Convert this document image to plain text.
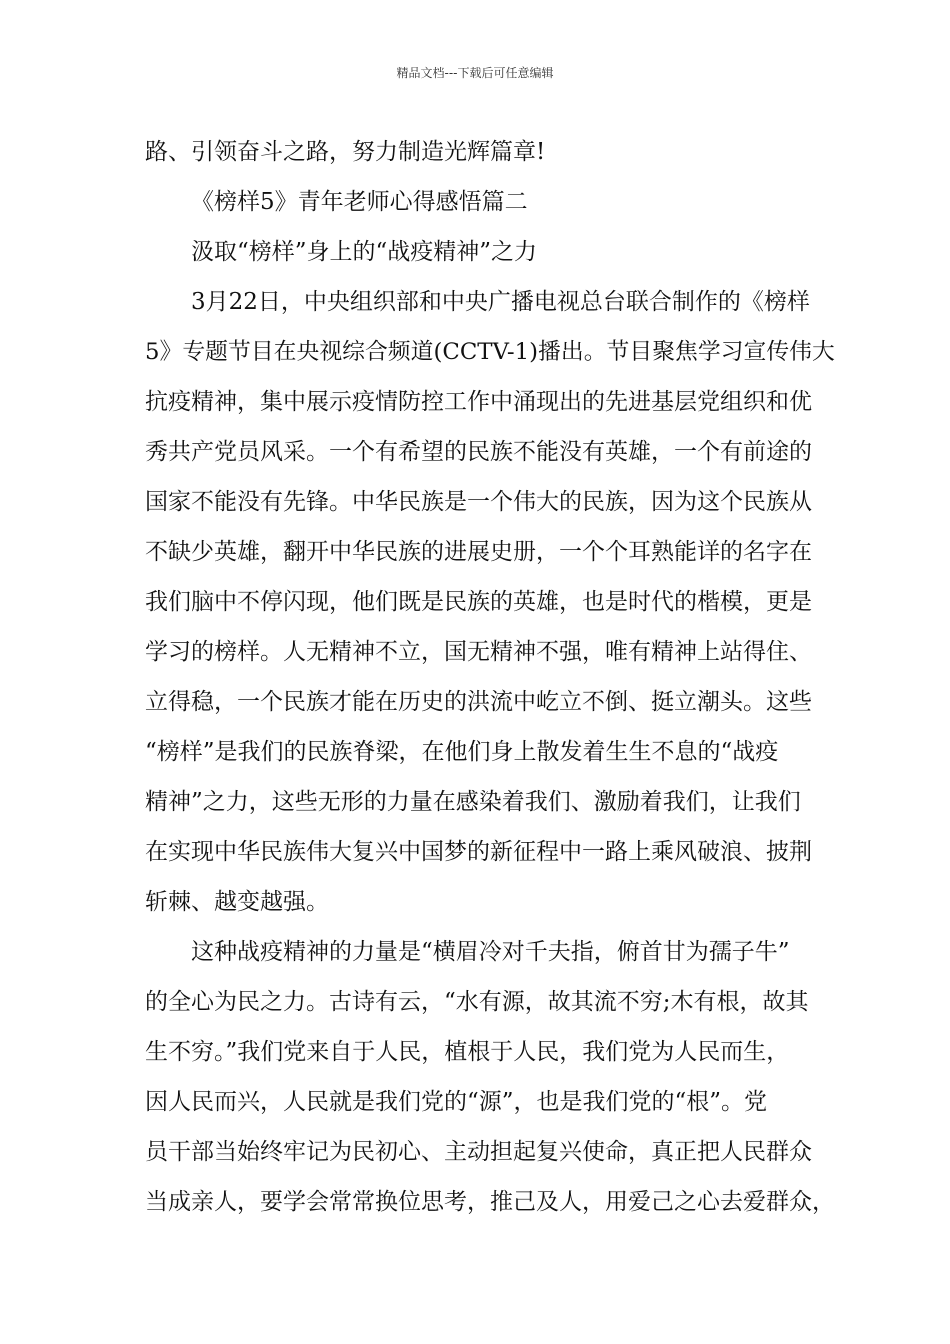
精品文档---下载后可任意编辑
路、引领奋斗之路，努力制造光辉篇章!
《榜样5》青年老师心得感悟篇二
汲取“榜样”身上的“战疫精神”之力
3月22日，中央组织部和中央广播电视总台联合制作的《榜样
5》专题节目在央视综合频道(CCTV-1)播出。节目聚焦学习宣传伟大
抗疫精神，集中展示疫情防控工作中涌现出的先进基层党组织和优
秀共产党员风采。一个有希望的民族不能没有英雄，一个有前途的
国家不能没有先锋。中华民族是一个伟大的民族，因为这个民族从
不缺少英雄，翻开中华民族的进展史册，一个个耳熟能详的名字在
我们脑中不停闪现，他们既是民族的英雄，也是时代的楷模，更是
学习的榜样。人无精神不立，国无精神不强，唯有精神上站得住、
立得稳，一个民族才能在历史的洪流中屹立不倒、挺立潮头。这些
“榜样”是我们的民族脊梁，在他们身上散发着生生不息的“战疫
精神”之力，这些无形的力量在感染着我们、激励着我们，让我们
在实现中华民族伟大复兴中国梦的新征程中一路上乘风破浪、披荆
斩棘、越变越强。
这种战疫精神的力量是“横眉冷对千夫指，俯首甘为孺子牛”
的全心为民之力。古诗有云，“水有源，故其流不穷;木有根，故其
生不穷。”我们党来自于人民，植根于人民，我们党为人民而生，
因人民而兴，人民就是我们党的“源”，也是我们党的“根”。党
员干部当始终牢记为民初心、主动担起复兴使命，真正把人民群众
当成亲人，要学会常常换位思考，推己及人，用爱己之心去爱群众，
